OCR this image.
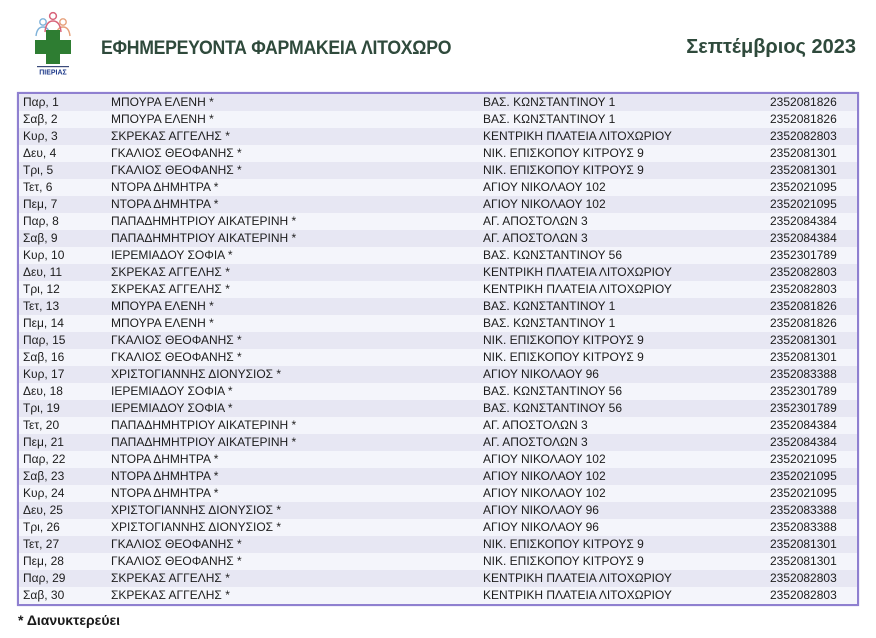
ΠΙΕΡΙΑΣ
ΕΦΗΜΕΡΕΥΟΝΤΑ ΦΑΡΜΑΚΕΙΑ ΛΙΤΟΧΩΡΟ	Σεπτέμβριος 2023
Παρ, 1	ΜΠΟΥΡΑ ΕΛΕΝΗ *	ΒΑΣ. ΚΩΝΣΤΑΝΤΙΝΟΥ 1	2352081826
Σαβ, 2	ΜΠΟΥΡΑ ΕΛΕΝΗ *	ΒΑΣ. ΚΩΝΣΤΑΝΤΙΝΟΥ 1	2352081826
Κυρ, 3	ΣΚΡΕΚΑΣ ΑΓΓΕΛΗΣ *	ΚΕΝΤΡΙΚΗ ΠΛΑΤΕΙΑ ΛΙΤΟΧΩΡΙΟΥ	2352082803
Δευ, 4	ΓΚΑΛΙΟΣ ΘΕΟΦΑΝΗΣ *	ΝΙΚ. ΕΠΙΣΚΟΠΟΥ ΚΙΤΡΟΥΣ 9	2352081301
Τρι, 5	ΓΚΑΛΙΟΣ ΘΕΟΦΑΝΗΣ *	ΝΙΚ. ΕΠΙΣΚΟΠΟΥ ΚΙΤΡΟΥΣ 9	2352081301
Τετ, 6	ΝΤΟΡΑ ΔΗΜΗΤΡΑ *	ΑΓΙΟΥ ΝΙΚΟΛΑΟΥ 102	2352021095
Πεμ, 7	ΝΤΟΡΑ ΔΗΜΗΤΡΑ *	ΑΓΙΟΥ ΝΙΚΟΛΑΟΥ 102	2352021095
Παρ, 8	ΠΑΠΑΔΗΜΗΤΡΙΟΥ ΑΙΚΑΤΕΡΙΝΗ *	ΑΓ. ΑΠΟΣΤΟΛΩΝ 3	2352084384
Σαβ, 9	ΠΑΠΑΔΗΜΗΤΡΙΟΥ ΑΙΚΑΤΕΡΙΝΗ *	ΑΓ. ΑΠΟΣΤΟΛΩΝ 3	2352084384
Κυρ, 10	ΙΕΡΕΜΙΑΔΟΥ ΣΟΦΙΑ *	ΒΑΣ. ΚΩΝΣΤΑΝΤΙΝΟΥ 56	2352301789
Δευ, 11	ΣΚΡΕΚΑΣ ΑΓΓΕΛΗΣ *	ΚΕΝΤΡΙΚΗ ΠΛΑΤΕΙΑ ΛΙΤΟΧΩΡΙΟΥ	2352082803
Τρι, 12	ΣΚΡΕΚΑΣ ΑΓΓΕΛΗΣ *	ΚΕΝΤΡΙΚΗ ΠΛΑΤΕΙΑ ΛΙΤΟΧΩΡΙΟΥ	2352082803
Τετ, 13	ΜΠΟΥΡΑ ΕΛΕΝΗ *	ΒΑΣ. ΚΩΝΣΤΑΝΤΙΝΟΥ 1	2352081826
Πεμ, 14	ΜΠΟΥΡΑ ΕΛΕΝΗ *	ΒΑΣ. ΚΩΝΣΤΑΝΤΙΝΟΥ 1	2352081826
Παρ, 15	ΓΚΑΛΙΟΣ ΘΕΟΦΑΝΗΣ *	ΝΙΚ. ΕΠΙΣΚΟΠΟΥ ΚΙΤΡΟΥΣ 9	2352081301
Σαβ, 16	ΓΚΑΛΙΟΣ ΘΕΟΦΑΝΗΣ *	ΝΙΚ. ΕΠΙΣΚΟΠΟΥ ΚΙΤΡΟΥΣ 9	2352081301
Κυρ, 17	ΧΡΙΣΤΟΓΙΑΝΝΗΣ ΔΙΟΝΥΣΙΟΣ *	ΑΓΙΟΥ ΝΙΚΟΛΑΟΥ 96	2352083388
Δευ, 18	ΙΕΡΕΜΙΑΔΟΥ ΣΟΦΙΑ *	ΒΑΣ. ΚΩΝΣΤΑΝΤΙΝΟΥ 56	2352301789
Τρι, 19	ΙΕΡΕΜΙΑΔΟΥ ΣΟΦΙΑ *	ΒΑΣ. ΚΩΝΣΤΑΝΤΙΝΟΥ 56	2352301789
Τετ, 20	ΠΑΠΑΔΗΜΗΤΡΙΟΥ ΑΙΚΑΤΕΡΙΝΗ *	ΑΓ. ΑΠΟΣΤΟΛΩΝ 3	2352084384
Πεμ, 21	ΠΑΠΑΔΗΜΗΤΡΙΟΥ ΑΙΚΑΤΕΡΙΝΗ *	ΑΓ. ΑΠΟΣΤΟΛΩΝ 3	2352084384
Παρ, 22	ΝΤΟΡΑ ΔΗΜΗΤΡΑ *	ΑΓΙΟΥ ΝΙΚΟΛΑΟΥ 102	2352021095
Σαβ, 23	ΝΤΟΡΑ ΔΗΜΗΤΡΑ *	ΑΓΙΟΥ ΝΙΚΟΛΑΟΥ 102	2352021095
Κυρ, 24	ΝΤΟΡΑ ΔΗΜΗΤΡΑ *	ΑΓΙΟΥ ΝΙΚΟΛΑΟΥ 102	2352021095
Δευ, 25	ΧΡΙΣΤΟΓΙΑΝΝΗΣ ΔΙΟΝΥΣΙΟΣ *	ΑΓΙΟΥ ΝΙΚΟΛΑΟΥ 96	2352083388
Τρι, 26	ΧΡΙΣΤΟΓΙΑΝΝΗΣ ΔΙΟΝΥΣΙΟΣ *	ΑΓΙΟΥ ΝΙΚΟΛΑΟΥ 96	2352083388
Τετ, 27	ΓΚΑΛΙΟΣ ΘΕΟΦΑΝΗΣ *	ΝΙΚ. ΕΠΙΣΚΟΠΟΥ ΚΙΤΡΟΥΣ 9	2352081301
Πεμ, 28	ΓΚΑΛΙΟΣ ΘΕΟΦΑΝΗΣ *	ΝΙΚ. ΕΠΙΣΚΟΠΟΥ ΚΙΤΡΟΥΣ 9	2352081301
Παρ, 29	ΣΚΡΕΚΑΣ ΑΓΓΕΛΗΣ *	ΚΕΝΤΡΙΚΗ ΠΛΑΤΕΙΑ ΛΙΤΟΧΩΡΙΟΥ	2352082803
Σαβ, 30	ΣΚΡΕΚΑΣ ΑΓΓΕΛΗΣ *	ΚΕΝΤΡΙΚΗ ΠΛΑΤΕΙΑ ΛΙΤΟΧΩΡΙΟΥ	2352082803
* Διανυκτερεύει
